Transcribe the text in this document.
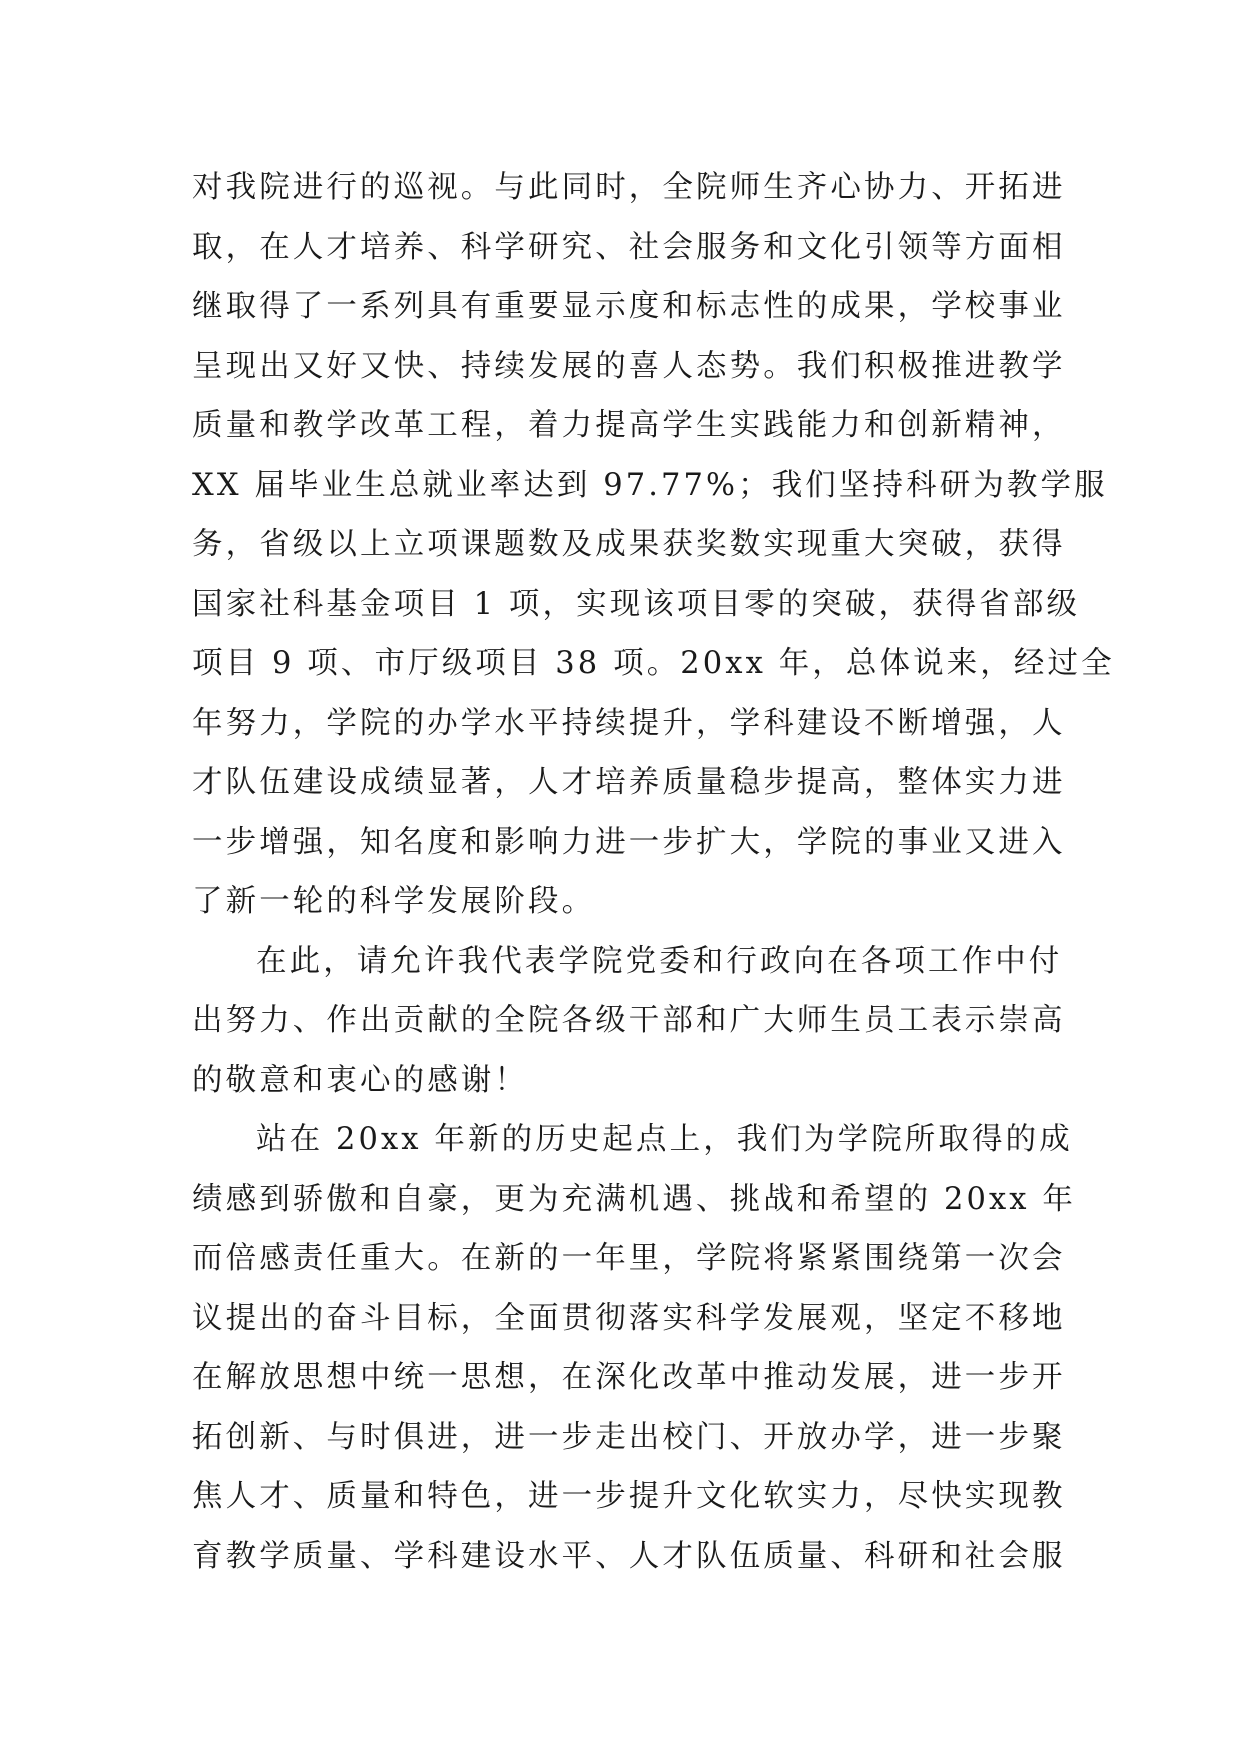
对我院进行的巡视。与此同时，全院师生齐心协力、开拓进
取，在人才培养、科学研究、社会服务和文化引领等方面相
继取得了一系列具有重要显示度和标志性的成果，学校事业
呈现出又好又快、持续发展的喜人态势。我们积极推进教学
质量和教学改革工程，着力提高学生实践能力和创新精神，
XX 届毕业生总就业率达到 97.77%；我们坚持科研为教学服
务，省级以上立项课题数及成果获奖数实现重大突破，获得
国家社科基金项目 1 项，实现该项目零的突破，获得省部级
项目 9 项、市厅级项目 38 项。20xx 年，总体说来，经过全
年努力，学院的办学水平持续提升，学科建设不断增强，人
才队伍建设成绩显著，人才培养质量稳步提高，整体实力进
一步增强，知名度和影响力进一步扩大，学院的事业又进入
了新一轮的科学发展阶段。
在此，请允许我代表学院党委和行政向在各项工作中付
出努力、作出贡献的全院各级干部和广大师生员工表示崇高
的敬意和衷心的感谢！
站在 20xx 年新的历史起点上，我们为学院所取得的成
绩感到骄傲和自豪，更为充满机遇、挑战和希望的 20xx 年
而倍感责任重大。在新的一年里，学院将紧紧围绕第一次会
议提出的奋斗目标，全面贯彻落实科学发展观，坚定不移地
在解放思想中统一思想，在深化改革中推动发展，进一步开
拓创新、与时俱进，进一步走出校门、开放办学，进一步聚
焦人才、质量和特色，进一步提升文化软实力，尽快实现教
育教学质量、学科建设水平、人才队伍质量、科研和社会服
